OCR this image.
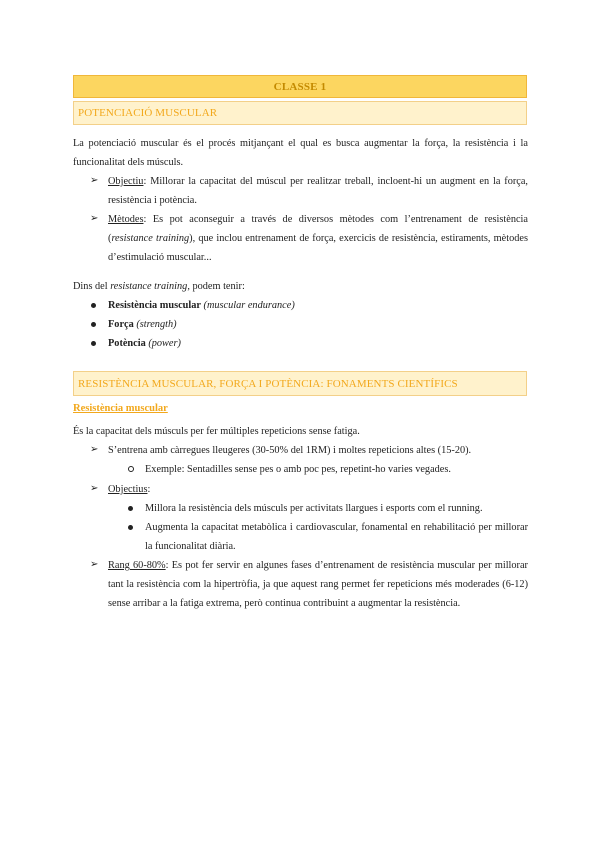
CLASSE 1
POTENCIACIÓ MUSCULAR
La potenciació muscular és el procés mitjançant el qual es busca augmentar la força, la resistència i la funcionalitat dels músculs.
➢ Objectiu: Millorar la capacitat del múscul per realitzar treball, incloent-hi un augment en la força, resistència i potència.
➢ Mètodes: Es pot aconseguir a través de diversos mètodes com l’entrenament de resistència (resistance training), que inclou entrenament de força, exercicis de resistència, estiraments, mètodes d’estimulació muscular...
Dins del resistance training, podem tenir:
Resistència muscular (muscular endurance)
Força (strength)
Potència (power)
RESISTÈNCIA MUSCULAR, FORÇA I POTÈNCIA: FONAMENTS CIENTÍFICS
Resistència muscular
És la capacitat dels músculs per fer múltiples repeticions sense fatiga.
➢ S’entrena amb càrregues lleugeres (30-50% del 1RM) i moltes repeticions altes (15-20).
Exemple: Sentadilles sense pes o amb poc pes, repetint-ho varies vegades.
➢ Objectius:
Millora la resistència dels músculs per activitats llargues i esports com el running.
Augmenta la capacitat metabòlica i cardiovascular, fonamental en rehabilitació per millorar la funcionalitat diària.
➢ Rang 60-80%: Es pot fer servir en algunes fases d’entrenament de resistència muscular per millorar tant la resistència com la hipertròfia, ja que aquest rang permet fer repeticions més moderades (6-12) sense arribar a la fatiga extrema, però continua contribuint a augmentar la resistència.
